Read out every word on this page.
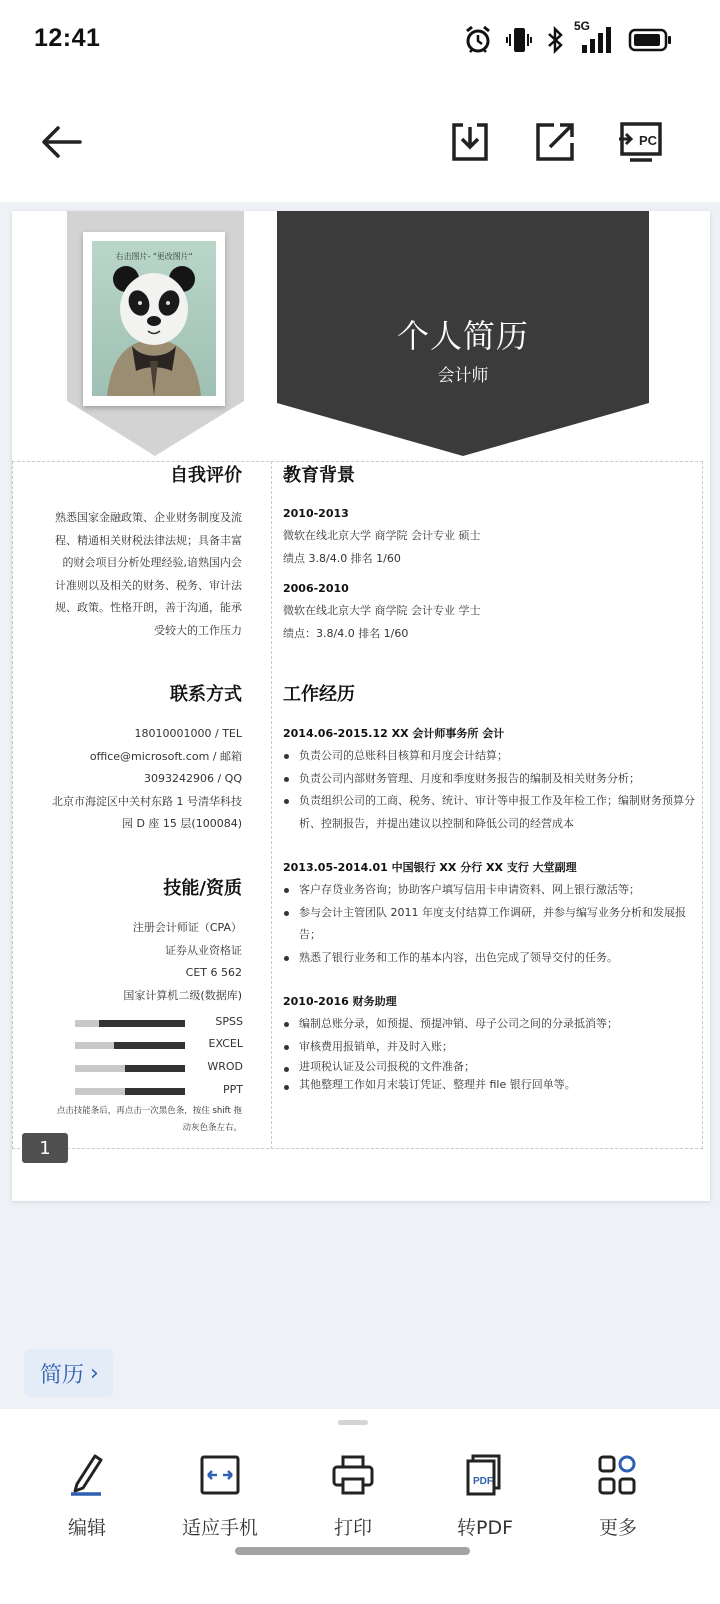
12:41	5G
PC
右击图片- "更改图片"
个人简历
会计师
自我评价
熟悉国家金融政策、企业财务制度及流
程、精通相关财税法律法规；具备丰富
的财会项目分析处理经验,谙熟国内会
计准则以及相关的财务、税务、审计法
规、政策。性格开朗，善于沟通，能承
受较大的工作压力
联系方式
18010001000 / TEL
office@microsoft.com / 邮箱
3093242906 / QQ
北京市海淀区中关村东路 1 号清华科技
园 D 座 15 层(100084)
技能/资质
注册会计师证（CPA）
证券从业资格证
CET 6 562
国家计算机二级(数据库)
SPSS
EXCEL
WROD
PPT
点击技能条后，再点击一次黑色条，按住 shift 拖
动灰色条左右。
教育背景
2010-2013
微软在线北京大学 商学院 会计专业 硕士
绩点 3.8/4.0 排名 1/60
2006-2010
微软在线北京大学 商学院 会计专业 学士
绩点：3.8/4.0 排名 1/60
工作经历
2014.06-2015.12 XX 会计师事务所 会计
负责公司的总账科目核算和月度会计结算；
负责公司内部财务管理、月度和季度财务报告的编制及相关财务分析；
负责组织公司的工商、税务、统计、审计等申报工作及年检工作；编制财务预算分析、控制报告，并提出建议以控制和降低公司的经营成本
2013.05-2014.01 中国银行 XX 分行 XX 支行 大堂副理
客户存贷业务咨询；协助客户填写信用卡申请资料、网上银行激活等；
参与会计主管团队 2011 年度支付结算工作调研，并参与编写业务分析和发展报告；
熟悉了银行业务和工作的基本内容，出色完成了领导交付的任务。
2010-2016 财务助理
编制总账分录，如预提、预提冲销、母子公司之间的分录抵消等；
审核费用报销单，并及时入账；
进项税认证及公司报税的文件准备；
其他整理工作如月末装订凭证、整理并 file 银行回单等。
1
简历 ›
编辑	适应手机	打印
PDF
转PDF	更多
